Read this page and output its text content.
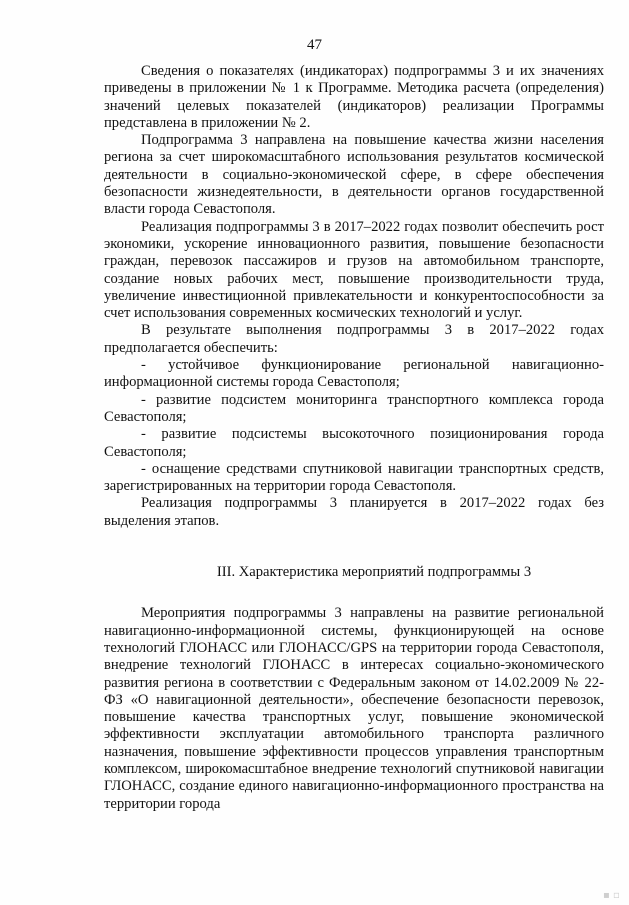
47

Сведения о показателях (индикаторах) подпрограммы 3 и их значениях приведены в приложении № 1 к Программе. Методика расчета (определения) значений целевых показателей (индикаторов) реализации Программы представлена в приложении № 2.

Подпрограмма 3 направлена на повышение качества жизни населения региона за счет широкомасштабного использования результатов космической деятельности в социально-экономической сфере, в сфере обеспечения безопасности жизнедеятельности, в деятельности органов государственной власти города Севастополя.

Реализация подпрограммы 3 в 2017–2022 годах позволит обеспечить рост экономики, ускорение инновационного развития, повышение безопасности граждан, перевозок пассажиров и грузов на автомобильном транспорте, создание новых рабочих мест, повышение производительности труда, увеличение инвестиционной привлекательности и конкурентоспособности за счет использования современных космических технологий и услуг.

В результате выполнения подпрограммы 3 в 2017–2022 годах предполагается обеспечить:

- устойчивое функционирование региональной навигационно-информационной системы города Севастополя;

- развитие подсистем мониторинга транспортного комплекса города Севастополя;

- развитие подсистемы высокоточного позиционирования города Севастополя;

- оснащение средствами спутниковой навигации транспортных средств, зарегистрированных на территории города Севастополя.

Реализация подпрограммы 3 планируется в 2017–2022 годах без выделения этапов.

III. Характеристика мероприятий подпрограммы 3

Мероприятия подпрограммы 3 направлены на развитие региональной навигационно-информационной системы, функционирующей на основе технологий ГЛОНАСС или ГЛОНАСС/GPS на территории города Севастополя, внедрение технологий ГЛОНАСС в интересах социально-экономического развития региона в соответствии с Федеральным законом от 14.02.2009 № 22-ФЗ «О навигационной деятельности», обеспечение безопасности перевозок, повышение качества транспортных услуг, повышение экономической эффективности эксплуатации автомобильного транспорта различного назначения, повышение эффективности процессов управления транспортным комплексом, широкомасштабное внедрение технологий спутниковой навигации ГЛОНАСС, создание единого навигационно-информационного пространства на территории города

▪ ▫
